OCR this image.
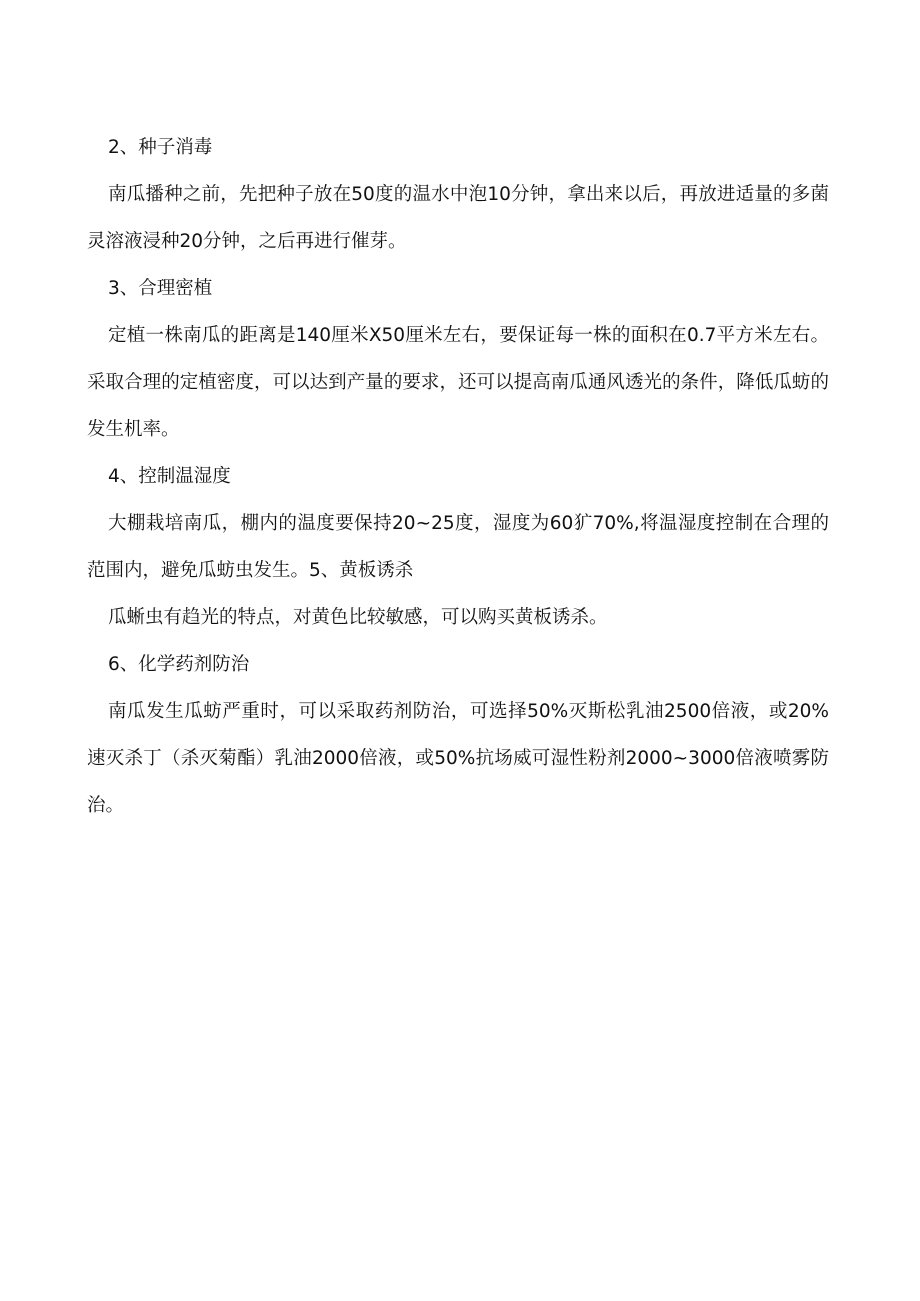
2、种子消毒

南瓜播种之前，先把种子放在50度的温水中泡10分钟，拿出来以后，再放进适量的多菌灵溶液浸种20分钟，之后再进行催芽。

3、合理密植

定植一株南瓜的距离是140厘米X50厘米左右，要保证每一株的面积在0.7平方米左右。采取合理的定植密度，可以达到产量的要求，还可以提高南瓜通风透光的条件，降低瓜蚄的发生机率。

4、控制温湿度

大棚栽培南瓜，棚内的温度要保持20~25度，湿度为60犷70%,将温湿度控制在合理的范围内，避免瓜蚄虫发生。5、黄板诱杀

瓜蜥虫有趋光的特点，对黄色比较敏感，可以购买黄板诱杀。

6、化学药剂防治

南瓜发生瓜蚄严重时，可以采取药剂防治，可选择50%灭斯松乳油2500倍液，或20%速灭杀丁（杀灭菊酯）乳油2000倍液，或50%抗场威可湿性粉剂2000~3000倍液喷雾防治。
